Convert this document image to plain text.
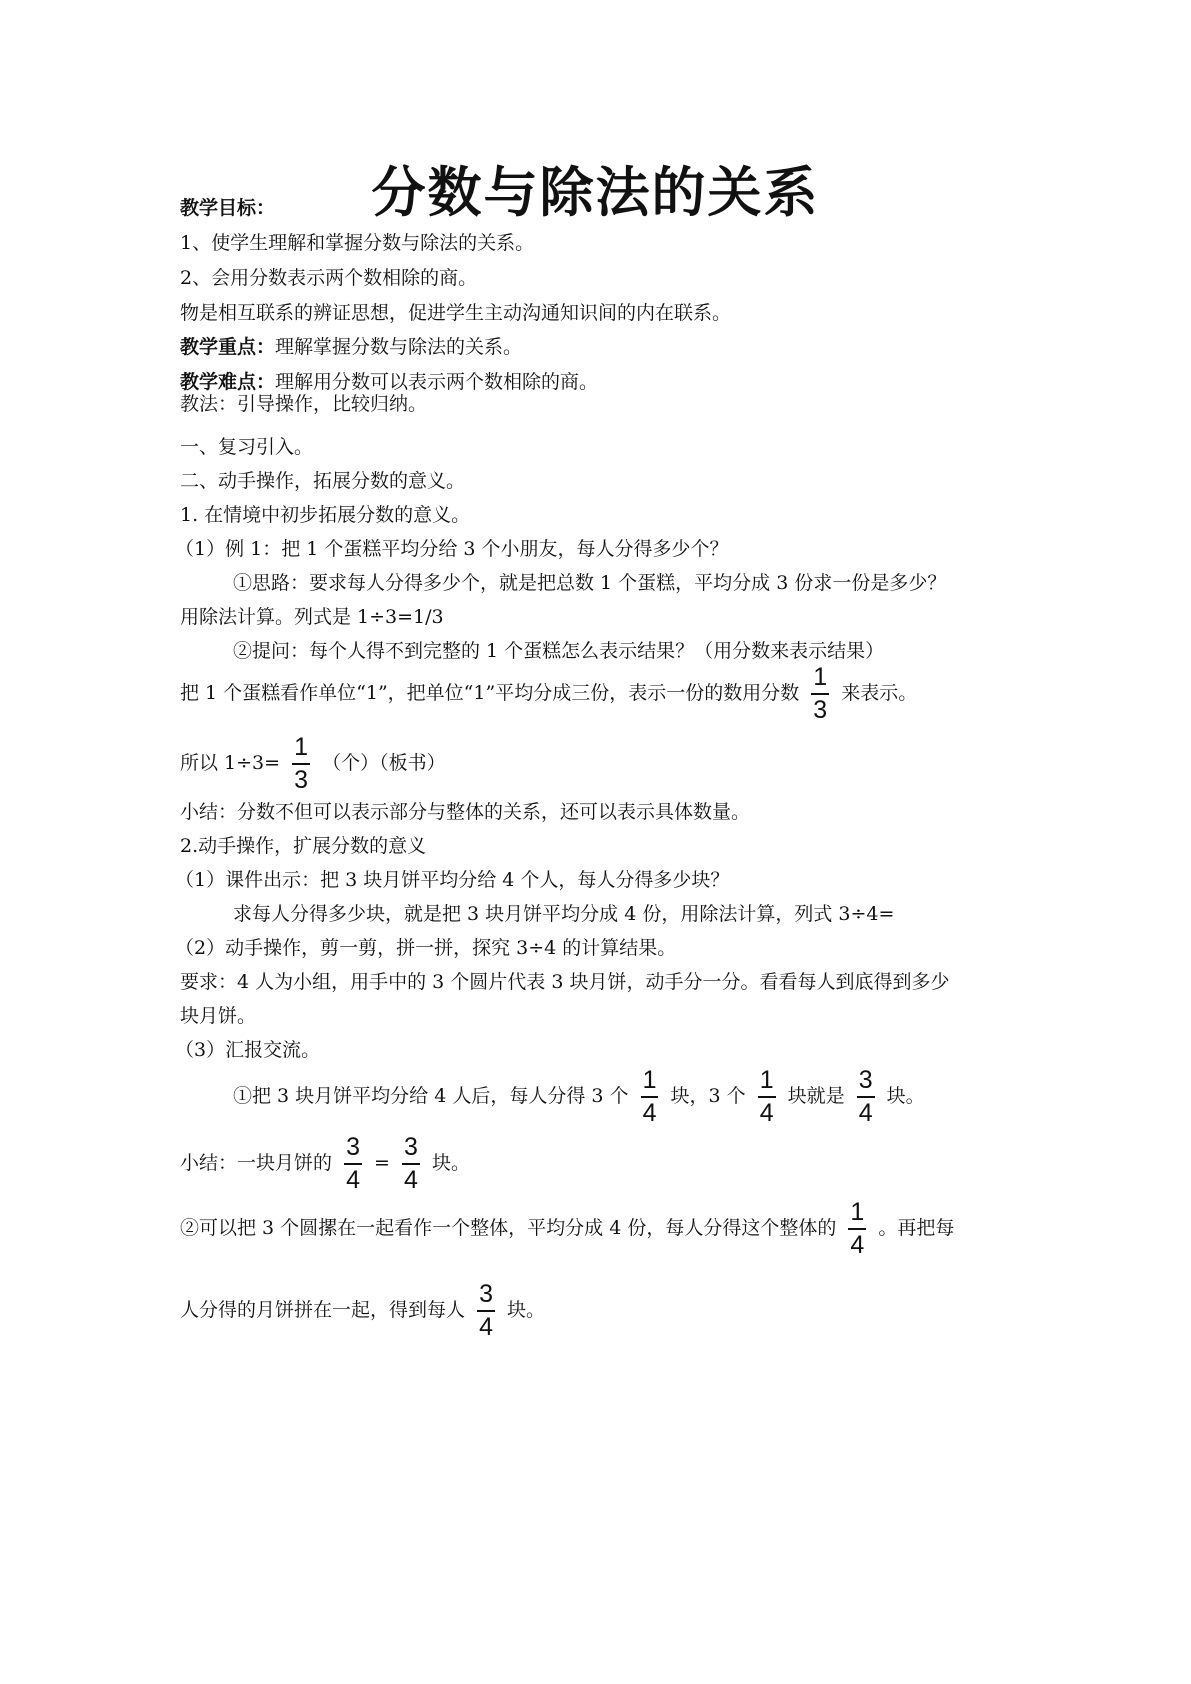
分数与除法的关系
教学目标：
1、使学生理解和掌握分数与除法的关系。
2、会用分数表示两个数相除的商。
物是相互联系的辨证思想，促进学生主动沟通知识间的内在联系。
教学重点：理解掌握分数与除法的关系。
教学难点：理解用分数可以表示两个数相除的商。
教法：引导操作，比较归纳。
一、复习引入。
二、动手操作，拓展分数的意义。
1. 在情境中初步拓展分数的意义。
（1）例 1：把 1 个蛋糕平均分给 3 个小朋友，每人分得多少个？
①思路：要求每人分得多少个，就是把总数 1 个蛋糕，平均分成 3 份求一份是多少？
用除法计算。列式是 1÷3=1/3
②提问：每个人得不到完整的 1 个蛋糕怎么表示结果？（用分数来表示结果）
把 1 个蛋糕看作单位“1”，把单位“1”平均分成三份，表示一份的数用分数 $\frac{1}{3}$ 来表示。
所以 $1\div 3= \frac{1}{3}$ （个）（板书）
小结：分数不但可以表示部分与整体的关系，还可以表示具体数量。
2.动手操作，扩展分数的意义
（1）课件出示：把 3 块月饼平均分给 4 个人，每人分得多少块？
求每人分得多少块，就是把 3 块月饼平均分成 4 份，用除法计算，列式 3÷4=
（2）动手操作，剪一剪，拼一拼，探究 3÷4 的计算结果。
要求：4 人为小组，用手中的 3 个圆片代表 3 块月饼，动手分一分。看看每人到底得到多少
块月饼。
（3）汇报交流。
①把 3 块月饼平均分给 4 人后，每人分得 3 个 $\frac{1}{4}$ 块，3 个 $\frac{1}{4}$ 块就是 $\frac{3}{4}$ 块。
小结：一块月饼的 $\frac{3}{4} = \frac{3}{4}$ 块。
②可以把 3 个圆摞在一起看作一个整体，平均分成 4 份，每人分得这个整体的 $\frac{1}{4}$ 。再把每
人分得的月饼拼在一起，得到每人 $\frac{3}{4}$ 块。
